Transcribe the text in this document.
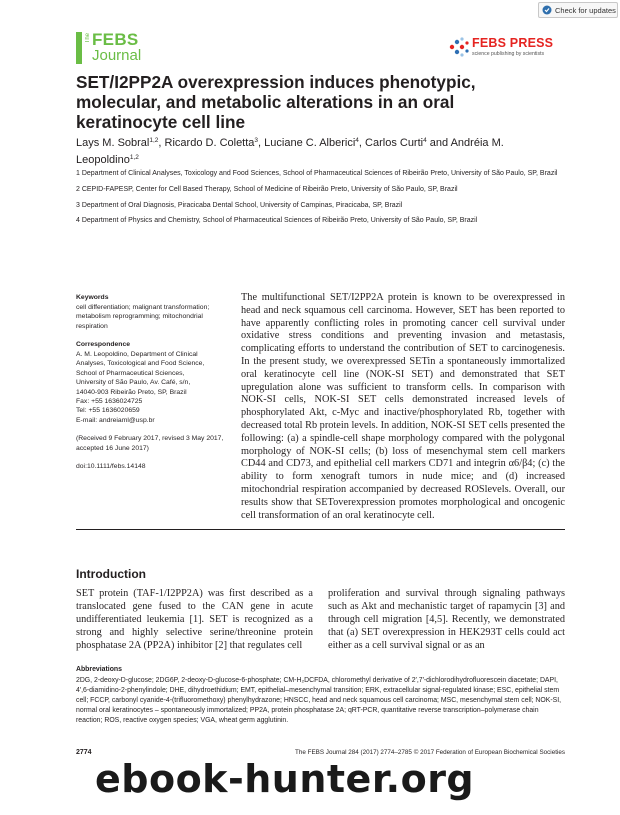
Check for updates
The FEBS
Journal
FEBS PRESS
science publishing by scientists
SET/I2PP2A overexpression induces phenotypic, molecular, and metabolic alterations in an oral keratinocyte cell line
Lays M. Sobral$^{1,2}$, Ricardo D. Coletta$^3$, Luciane C. Alberici$^4$, Carlos Curti$^4$ and Andréia M. Leopoldino$^{1,2}$

1 Department of Clinical Analyses, Toxicology and Food Sciences, School of Pharmaceutical Sciences of Ribeirão Preto, University of São Paulo, SP, Brazil

2 CEPID-FAPESP, Center for Cell Based Therapy, School of Medicine of Ribeirão Preto, University of São Paulo, SP, Brazil

3 Department of Oral Diagnosis, Piracicaba Dental School, University of Campinas, Piracicaba, SP, Brazil

4 Department of Physics and Chemistry, School of Pharmaceutical Sciences of Ribeirão Preto, University of São Paulo, SP, Brazil

Keywords
cell differentiation; malignant transformation; metabolism reprogramming; mitochondrial respiration
Correspondence
A. M. Leopoldino, Department of Clinical
Analyses, Toxicological and Food Science,
School of Pharmaceutical Sciences,
University of São Paulo, Av. Café, s/n,
14040-903 Ribeirão Preto, SP, Brazil
Fax: +55 1636024725
Tel: +55 1636020659
E-mail: andreiaml@usp.br
(Received 9 February 2017, revised 3 May 2017, accepted 16 June 2017)
doi:10.1111/febs.14148

The multifunctional SET/I2PP2A protein is known to be overexpressed in head and neck squamous cell carcinoma. However, SET has been reported to have apparently conflicting roles in promoting cancer cell survival under oxidative stress conditions and preventing invasion and metastasis, complicating efforts to understand the contribution of SET to carcinogenesis. In the present study, we overexpressed SETin a spontaneously immortalized oral keratinocyte cell line (NOK-SI SET) and demonstrated that SET upregulation alone was sufficient to transform cells. In comparison with NOK-SI cells, NOK-SI SET cells demonstrated increased levels of phosphorylated Akt, c-Myc and inactive/phosphorylated Rb, together with decreased total Rb protein levels. In addition, NOK-SI SET cells presented the following: (a) a spindle-cell shape morphology compared with the polygonal morphology of NOK-SI cells; (b) loss of mesenchymal stem cell markers CD44 and CD73, and epithelial cell markers CD71 and integrin α6/β4; (c) the ability to form xenograft tumors in nude mice; and (d) increased mitochondrial respiration accompanied by decreased ROSlevels. Overall, our results show that SEToverexpression promotes morphological and oncogenic cell transformation of an oral keratinocyte cell.

Introduction

SET protein (TAF-1/I2PP2A) was first described as a translocated gene fused to the CAN gene in acute undifferentiated leukemia [1]. SET is recognized as a strong and highly selective serine/threonine protein phosphatase 2A (PP2A) inhibitor [2] that regulates cell

proliferation and survival through signaling pathways such as Akt and mechanistic target of rapamycin [3] and through cell migration [4,5]. Recently, we demonstrated that (a) SET overexpression in HEK293T cells could act either as a cell survival signal or as an

Abbreviations
2DG, 2-deoxy-D-glucose; 2DG6P, 2-deoxy-D-glucose-6-phosphate; CM-H₂DCFDA, chloromethyl derivative of 2′,7′-dichlorodihydrofluorescein diacetate; DAPI, 4′,6-diamidino-2-phenylindole; DHE, dihydroethidium; EMT, epithelial–mesenchymal transition; ERK, extracellular signal-regulated kinase; ESC, epithelial stem cell; FCCP, carbonyl cyanide-4-(trifluoromethoxy) phenylhydrazone; HNSCC, head and neck squamous cell carcinoma; MSC, mesenchymal stem cell; NOK-SI, normal oral keratinocytes – spontaneously immortalized; PP2A, protein phosphatase 2A; qRT-PCR, quantitative reverse transcription–polymerase chain reaction; ROS, reactive oxygen species; VGA, wheat germ agglutinin.
2774	The FEBS Journal 284 (2017) 2774–2785 © 2017 Federation of European Biochemical Societies
ebook-hunter.org
